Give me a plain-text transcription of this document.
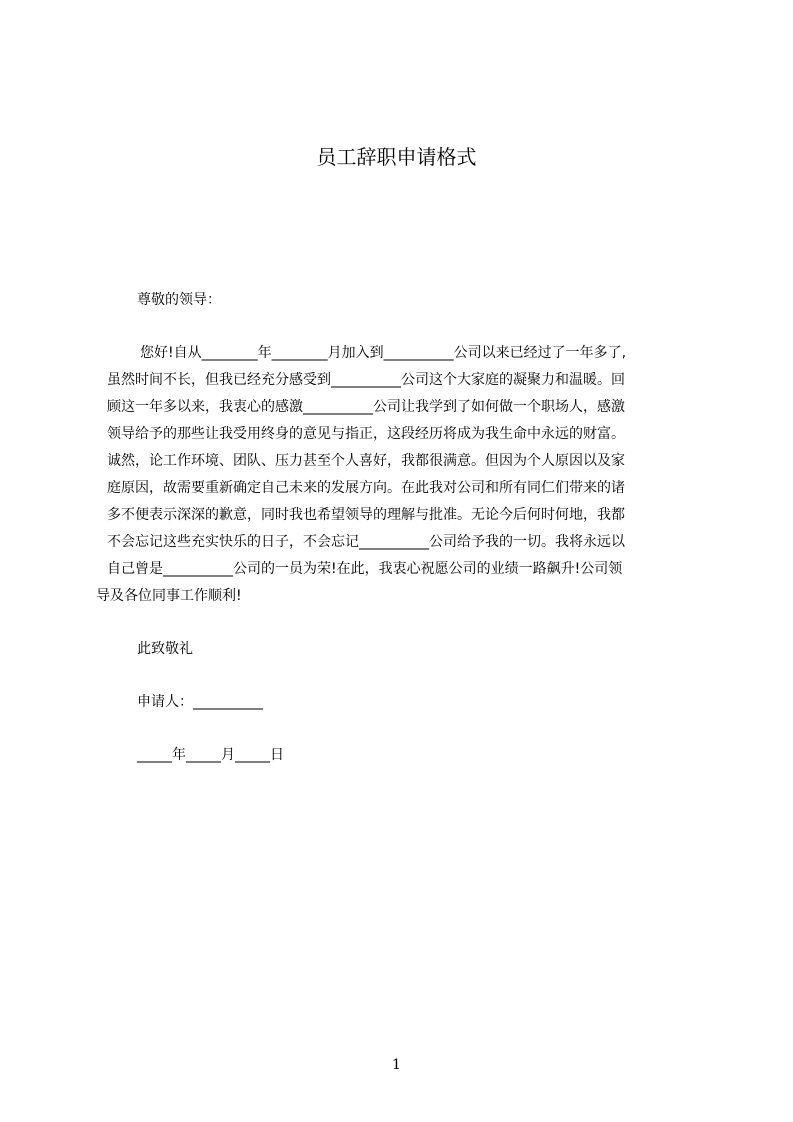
员工辞职申请格式
尊敬的领导：
您好!自从________年________月加入到__________公司以来已经过了一年多了,
虽然时间不长，但我已经充分感受到__________公司这个大家庭的凝聚力和温暖。回
顾这一年多以来，我衷心的感激__________公司让我学到了如何做一个职场人，感激
领导给予的那些让我受用终身的意见与指正，这段经历将成为我生命中永远的财富。
诚然，论工作环境、团队、压力甚至个人喜好，我都很满意。但因为个人原因以及家
庭原因，故需要重新确定自己未来的发展方向。在此我对公司和所有同仁们带来的诸
多不便表示深深的歉意，同时我也希望领导的理解与批准。无论今后何时何地，我都
不会忘记这些充实快乐的日子，不会忘记__________公司给予我的一切。我将永远以
自己曾是__________公司的一员为荣!在此，我衷心祝愿公司的业绩一路飙升!公司领
导及各位同事工作顺利!
此致敬礼
申请人：__________
_____年_____月_____日
1
